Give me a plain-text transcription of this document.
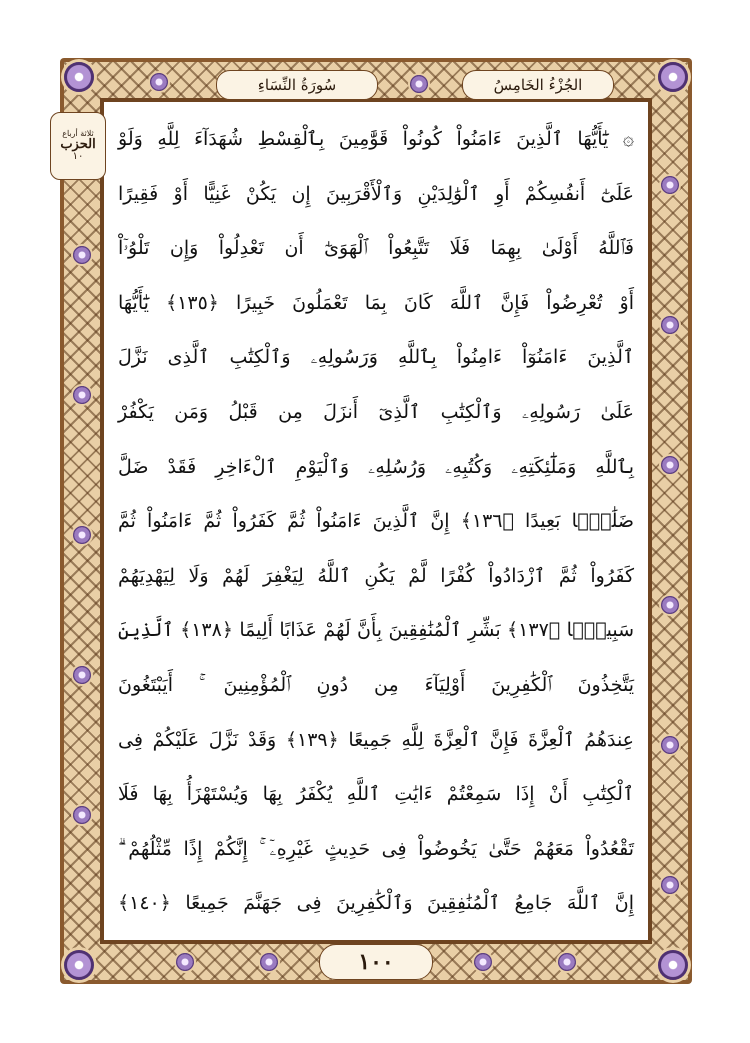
سُورَةُ النِّسَاءِ	الجُزْءُ الخَامِسُ
ثلاثة أرباع
الحزب
١٠
۞ يَٰٓأَيُّهَا ٱلَّذِينَ ءَامَنُواْ كُونُواْ قَوَّٰمِينَ بِٱلْقِسْطِ شُهَدَآءَ لِلَّهِ وَلَوْ
عَلَىٰٓ أَنفُسِكُمْ أَوِ ٱلْوَٰلِدَيْنِ وَٱلْأَقْرَبِينَ إِن يَكُنْ غَنِيًّا أَوْ فَقِيرًا
فَٱللَّهُ أَوْلَىٰ بِهِمَا فَلَا تَتَّبِعُواْ ٱلْهَوَىٰٓ أَن تَعْدِلُواْ وَإِن تَلْوُۥٓاْ
أَوْ تُعْرِضُواْ فَإِنَّ ٱللَّهَ كَانَ بِمَا تَعْمَلُونَ خَبِيرًا ﴿١٣٥﴾ يَٰٓأَيُّهَا
ٱلَّذِينَ ءَامَنُوٓاْ ءَامِنُواْ بِٱللَّهِ وَرَسُولِهِۦ وَٱلْكِتَٰبِ ٱلَّذِى نَزَّلَ
عَلَىٰ رَسُولِهِۦ وَٱلْكِتَٰبِ ٱلَّذِىٓ أَنزَلَ مِن قَبْلُ وَمَن يَكْفُرْ
بِٱللَّهِ وَمَلَٰٓئِكَتِهِۦ وَكُتُبِهِۦ وَرُسُلِهِۦ وَٱلْيَوْمِ ٱلْءَاخِرِ فَقَدْ ضَلَّ
ضَلَٰلًۢا بَعِيدًا ﴿١٣٦﴾ إِنَّ ٱلَّذِينَ ءَامَنُواْ ثُمَّ كَفَرُواْ ثُمَّ ءَامَنُواْ ثُمَّ
كَفَرُواْ ثُمَّ ٱزْدَادُواْ كُفْرًا لَّمْ يَكُنِ ٱللَّهُ لِيَغْفِرَ لَهُمْ وَلَا لِيَهْدِيَهُمْ
سَبِيلًۢا ﴿١٣٧﴾ بَشِّرِ ٱلْمُنَٰفِقِينَ بِأَنَّ لَهُمْ عَذَابًا أَلِيمًا ﴿١٣٨﴾ ٱلَّذِينَ
يَتَّخِذُونَ ٱلْكَٰفِرِينَ أَوْلِيَآءَ مِن دُونِ ٱلْمُؤْمِنِينَ ۚ أَيَبْتَغُونَ
عِندَهُمُ ٱلْعِزَّةَ فَإِنَّ ٱلْعِزَّةَ لِلَّهِ جَمِيعًا ﴿١٣٩﴾ وَقَدْ نَزَّلَ عَلَيْكُمْ فِى
ٱلْكِتَٰبِ أَنْ إِذَا سَمِعْتُمْ ءَايَٰتِ ٱللَّهِ يُكْفَرُ بِهَا وَيُسْتَهْزَأُ بِهَا فَلَا
تَقْعُدُواْ مَعَهُمْ حَتَّىٰ يَخُوضُواْ فِى حَدِيثٍ غَيْرِهِۦٓ ۚ إِنَّكُمْ إِذًا مِّثْلُهُمْ ۗ
إِنَّ ٱللَّهَ جَامِعُ ٱلْمُنَٰفِقِينَ وَٱلْكَٰفِرِينَ فِى جَهَنَّمَ جَمِيعًا ﴿١٤٠﴾
١٠٠
